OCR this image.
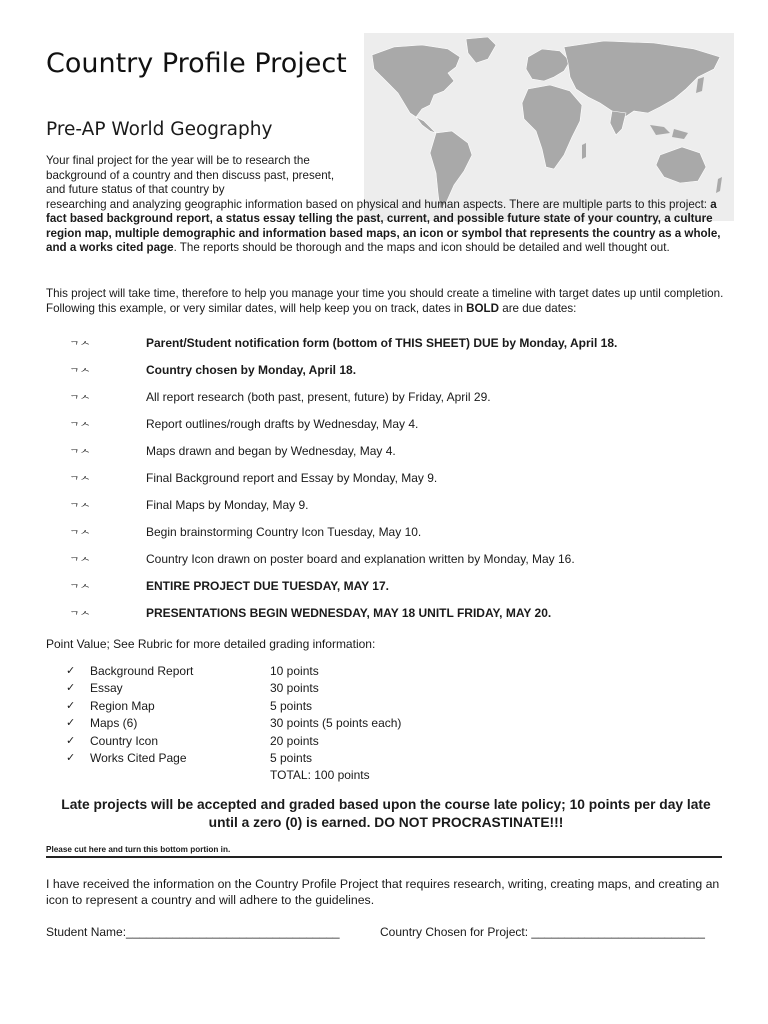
Country Profile Project
Pre-AP World Geography

Your final project for the year will be to research the background of a country and then discuss past, present, and future status of that country by
researching and analyzing geographic information based on physical and human aspects. There are multiple parts to this project: a fact based background report, a status essay telling the past, current, and possible future state of your country, a culture region map, multiple demographic and information based maps, an icon or symbol that represents the country as a whole, and a works cited page. The reports should be thorough and the maps and icon should be detailed and well thought out.

This project will take time, therefore to help you manage your time you should create a timeline with target dates up until completion. Following this example, or very similar dates, will help keep you on track, dates in BOLD are due dates:

ᄀᄉ	Parent/Student notification form (bottom of THIS SHEET) DUE by Monday, April 18.
ᄀᄉ	Country chosen by Monday, April 18.
ᄀᄉ	All report research (both past, present, future) by Friday, April 29.
ᄀᄉ	Report outlines/rough drafts by Wednesday, May 4.
ᄀᄉ	Maps drawn and began by Wednesday, May 4.
ᄀᄉ	Final Background report and Essay by Monday, May 9.
ᄀᄉ	Final Maps by Monday, May 9.
ᄀᄉ	Begin brainstorming Country Icon Tuesday, May 10.
ᄀᄉ	Country Icon drawn on poster board and explanation written by Monday, May 16.
ᄀᄉ	ENTIRE PROJECT DUE TUESDAY, MAY 17.
ᄀᄉ	PRESENTATIONS BEGIN WEDNESDAY, MAY 18 UNITL FRIDAY, MAY 20.

Point Value; See Rubric for more detailed grading information:

✓ Background Report	10 points
✓ Essay	30 points
✓ Region Map	5 points
✓ Maps (6)	30 points (5 points each)
✓ Country Icon	20 points
✓ Works Cited Page	5 points

TOTAL: 100 points

Late projects will be accepted and graded based upon the course late policy; 10 points per day late until a zero (0) is earned. DO NOT PROCRASTINATE!!!

Please cut here and turn this bottom portion in.

I have received the information on the Country Profile Project that requires research, writing, creating maps, and creating an icon to represent a country and will adhere to the guidelines.

Student Name:________________________________	Country Chosen for Project: __________________________
